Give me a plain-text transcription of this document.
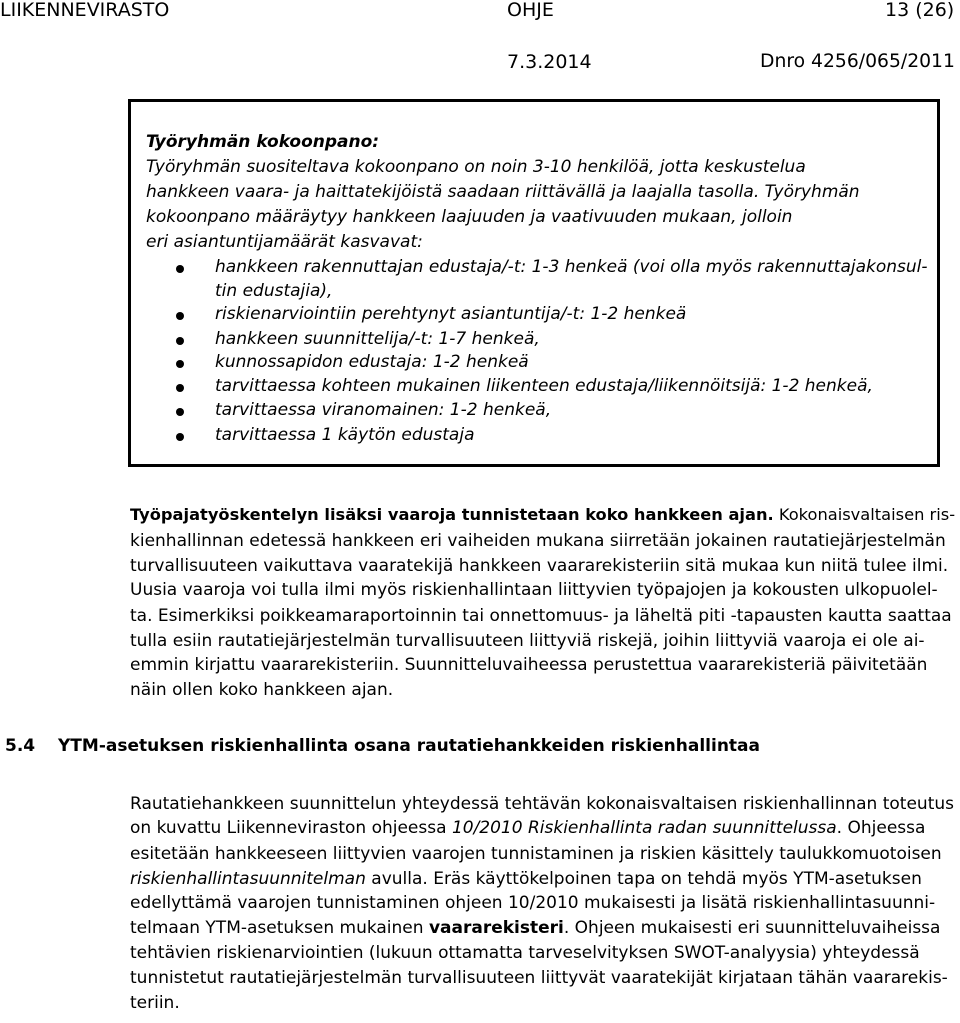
LIIKENNEVIRASTO	OHJE	13 (26)
7.3.2014	Dnro 4256/065/2011
Työryhmän kokoonpano:
Työryhmän suositeltava kokoonpano on noin 3-10 henkilöä, jotta keskustelua
hankkeen vaara- ja haittatekijöistä saadaan riittävällä ja laajalla tasolla. Työryhmän
kokoonpano määräytyy hankkeen laajuuden ja vaativuuden mukaan, jolloin
eri asiantuntijamäärät kasvavat:
hankkeen rakennuttajan edustaja/-t: 1-3 henkeä (voi olla myös rakennuttajakonsul-
tin edustajia),
riskienarviointiin perehtynyt asiantuntija/-t: 1-2 henkeä
hankkeen suunnittelija/-t: 1-7 henkeä,
kunnossapidon edustaja: 1-2 henkeä
tarvittaessa kohteen mukainen liikenteen edustaja/liikennöitsijä: 1-2 henkeä,
tarvittaessa viranomainen: 1-2 henkeä,
tarvittaessa 1 käytön edustaja
Työpajatyöskentelyn lisäksi vaaroja tunnistetaan koko hankkeen ajan. Kokonaisvaltaisen ris-
kienhallinnan edetessä hankkeen eri vaiheiden mukana siirretään jokainen rautatiejärjestelmän
turvallisuuteen vaikuttava vaaratekijä hankkeen vaararekisteriin sitä mukaa kun niitä tulee ilmi.
Uusia vaaroja voi tulla ilmi myös riskienhallintaan liittyvien työpajojen ja kokousten ulkopuolel-
ta. Esimerkiksi poikkeamaraportoinnin tai onnettomuus- ja läheltä piti -tapausten kautta saattaa
tulla esiin rautatiejärjestelmän turvallisuuteen liittyviä riskejä, joihin liittyviä vaaroja ei ole ai-
emmin kirjattu vaararekisteriin. Suunnitteluvaiheessa perustettua vaararekisteriä päivitetään
näin ollen koko hankkeen ajan.
5.4 YTM-asetuksen riskienhallinta osana rautatiehankkeiden riskienhallintaa
Rautatiehankkeen suunnittelun yhteydessä tehtävän kokonaisvaltaisen riskienhallinnan toteutus
on kuvattu Liikenneviraston ohjeessa 10/2010 Riskienhallinta radan suunnittelussa. Ohjeessa
esitetään hankkeeseen liittyvien vaarojen tunnistaminen ja riskien käsittely taulukkomuotoisen
riskienhallintasuunnitelman avulla. Eräs käyttökelpoinen tapa on tehdä myös YTM-asetuksen
edellyttämä vaarojen tunnistaminen ohjeen 10/2010 mukaisesti ja lisätä riskienhallintasuunni-
telmaan YTM-asetuksen mukainen vaararekisteri. Ohjeen mukaisesti eri suunnitteluvaiheissa
tehtävien riskienarviointien (lukuun ottamatta tarveselvityksen SWOT-analyysia) yhteydessä
tunnistetut rautatiejärjestelmän turvallisuuteen liittyvät vaaratekijät kirjataan tähän vaararekis-
teriin.
